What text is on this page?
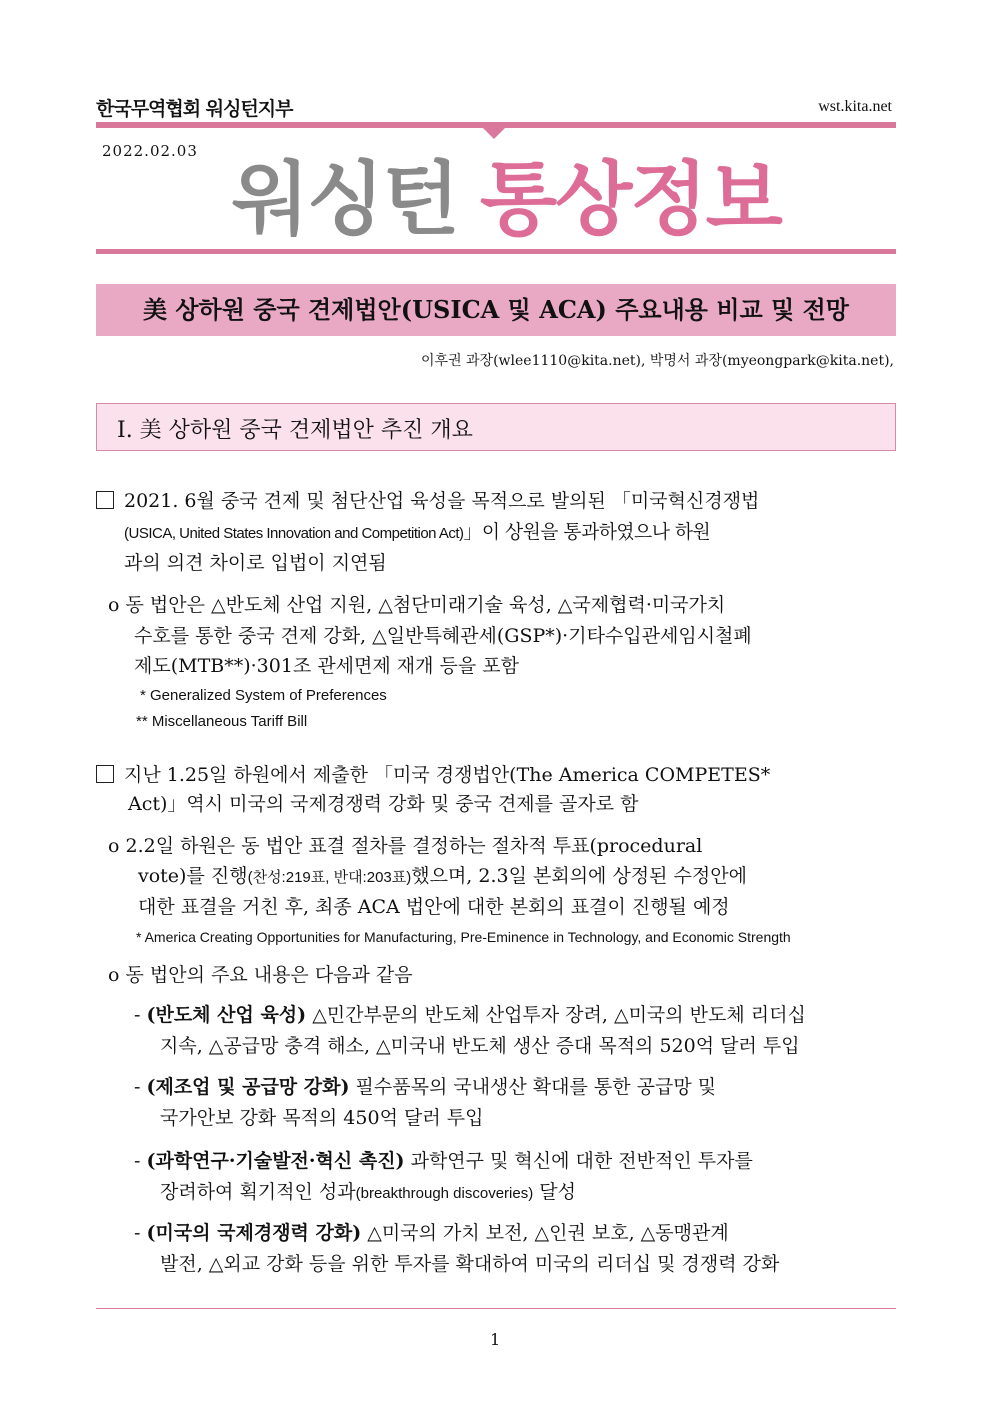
한국무역협회 워싱턴지부	wst.kita.net
2022.02.03
워싱턴 통상정보
美 상하원 중국 견제법안(USICA 및 ACA) 주요내용 비교 및 전망
이후권 과장(wlee1110@kita.net), 박명서 과장(myeongpark@kita.net),
Ⅰ. 美 상하원 중국 견제법안 추진 개요
2021. 6월 중국 견제 및 첨단산업 육성을 목적으로 발의된 「미국혁신경쟁법
(USICA, United States Innovation and Competition Act)」이 상원을 통과하였으나 하원
과의 의견 차이로 입법이 지연됨
o 동 법안은 △반도체 산업 지원, △첨단미래기술 육성, △국제협력·미국가치
수호를 통한 중국 견제 강화, △일반특혜관세(GSP*)·기타수입관세임시철폐
제도(MTB**)·301조 관세면제 재개 등을 포함
* Generalized System of Preferences
** Miscellaneous Tariff Bill
지난 1.25일 하원에서 제출한 「미국 경쟁법안(The America COMPETES*
Act)」역시 미국의 국제경쟁력 강화 및 중국 견제를 골자로 함
o 2.2일 하원은 동 법안 표결 절차를 결정하는 절차적 투표(procedural
vote)를 진행(찬성:219표, 반대:203표)했으며, 2.3일 본회의에 상정된 수정안에
대한 표결을 거친 후, 최종 ACA 법안에 대한 본회의 표결이 진행될 예정
* America Creating Opportunities for Manufacturing, Pre-Eminence in Technology, and Economic Strength
o 동 법안의 주요 내용은 다음과 같음
- (반도체 산업 육성) △민간부문의 반도체 산업투자 장려, △미국의 반도체 리더십
지속, △공급망 충격 해소, △미국내 반도체 생산 증대 목적의 520억 달러 투입
- (제조업 및 공급망 강화) 필수품목의 국내생산 확대를 통한 공급망 및
국가안보 강화 목적의 450억 달러 투입
- (과학연구·기술발전·혁신 촉진) 과학연구 및 혁신에 대한 전반적인 투자를
장려하여 획기적인 성과(breakthrough discoveries) 달성
- (미국의 국제경쟁력 강화) △미국의 가치 보전, △인권 보호, △동맹관계
발전, △외교 강화 등을 위한 투자를 확대하여 미국의 리더십 및 경쟁력 강화
1
